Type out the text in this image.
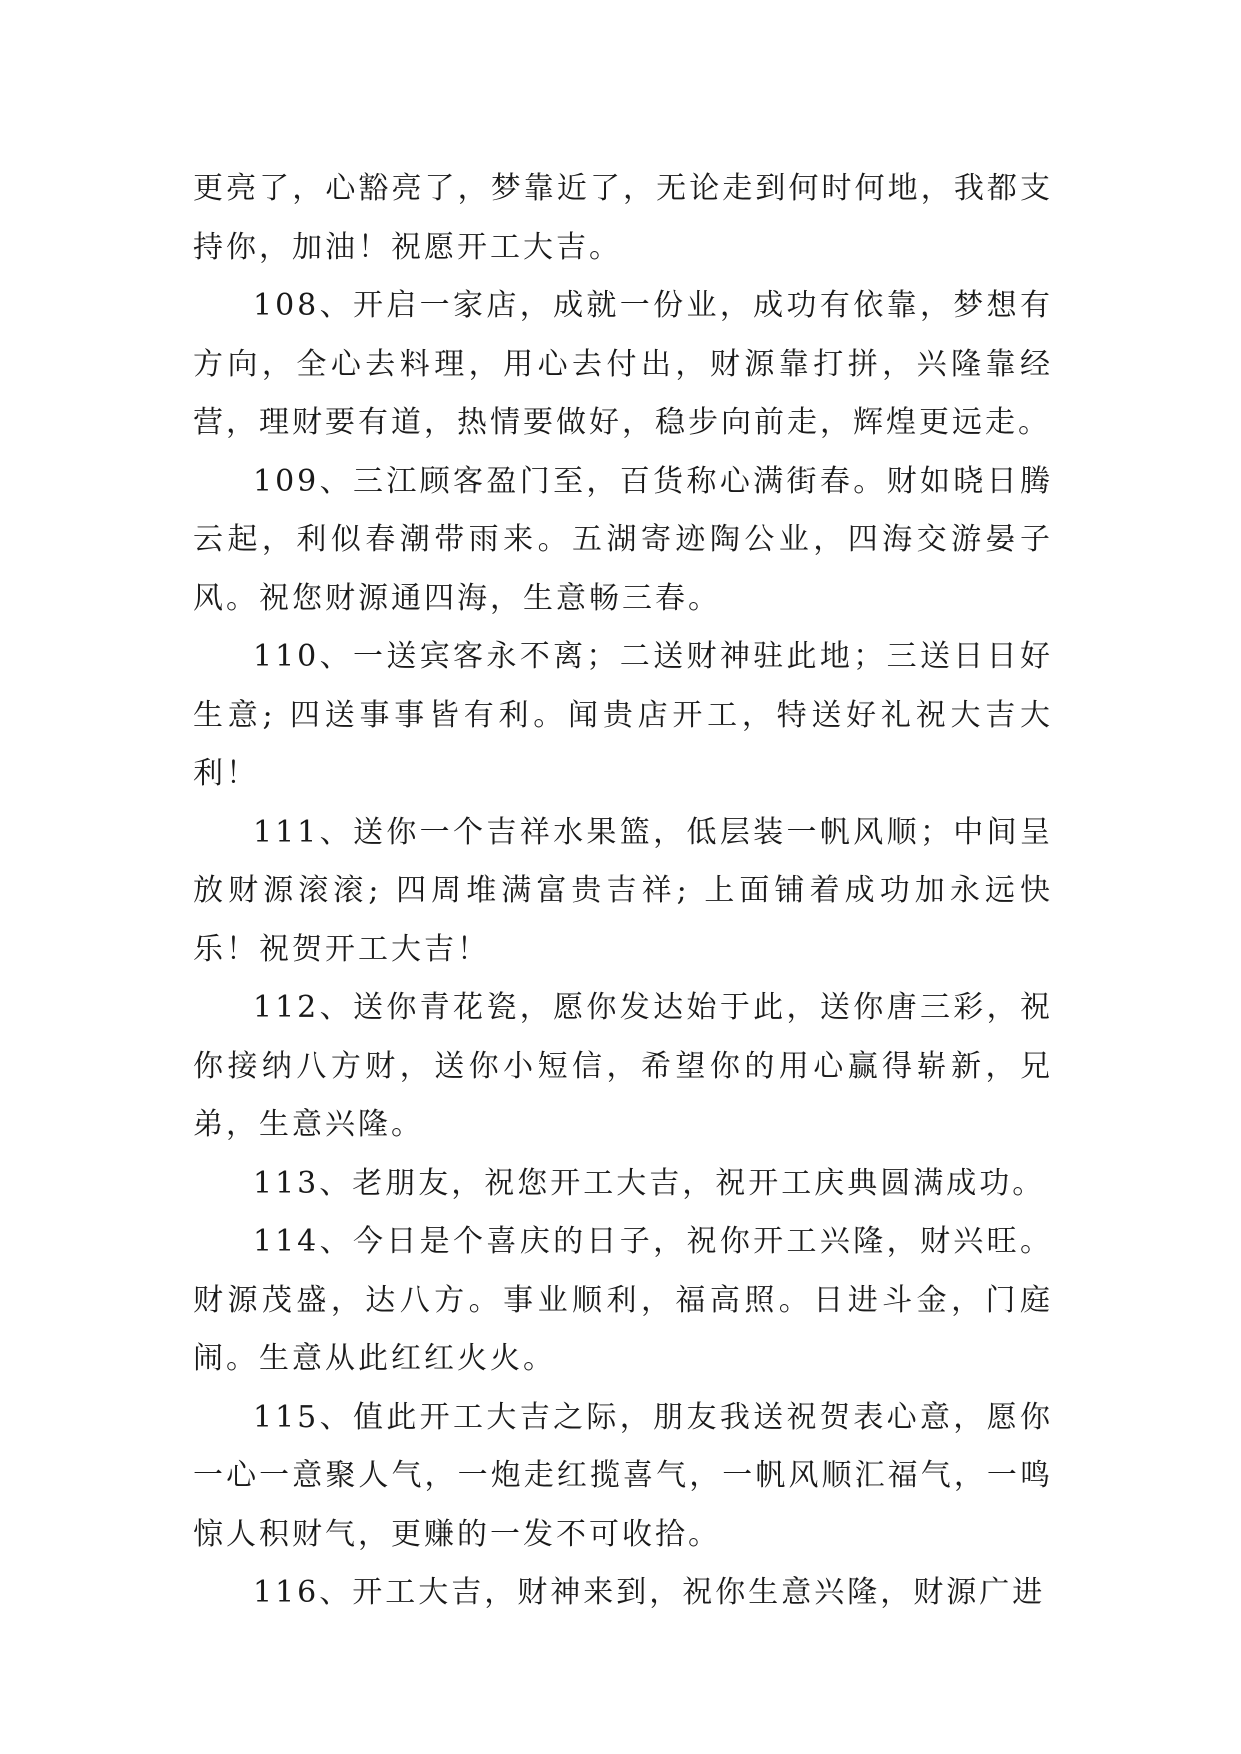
更亮了，心豁亮了，梦靠近了，无论走到何时何地，我都支持你，加油！祝愿开工大吉。

108、开启一家店，成就一份业，成功有依靠，梦想有方向，全心去料理，用心去付出，财源靠打拼，兴隆靠经营，理财要有道，热情要做好，稳步向前走，辉煌更远走。

109、三江顾客盈门至，百货称心满街春。财如晓日腾云起，利似春潮带雨来。五湖寄迹陶公业，四海交游晏子风。祝您财源通四海，生意畅三春。

110、一送宾客永不离；二送财神驻此地；三送日日好生意; 四送事事皆有利。闻贵店开工，特送好礼祝大吉大利！

111、送你一个吉祥水果篮，低层装一帆风顺；中间呈放财源滚滚; 四周堆满富贵吉祥; 上面铺着成功加永远快乐！祝贺开工大吉！

112、送你青花瓷，愿你发达始于此，送你唐三彩，祝你接纳八方财，送你小短信，希望你的用心赢得崭新，兄弟，生意兴隆。

113、老朋友，祝您开工大吉，祝开工庆典圆满成功。

114、今日是个喜庆的日子，祝你开工兴隆，财兴旺。财源茂盛，达八方。事业顺利，福高照。日进斗金，门庭闹。生意从此红红火火。

115、值此开工大吉之际，朋友我送祝贺表心意，愿你一心一意聚人气，一炮走红揽喜气，一帆风顺汇福气，一鸣惊人积财气，更赚的一发不可收拾。

116、开工大吉，财神来到，祝你生意兴隆，财源广进
